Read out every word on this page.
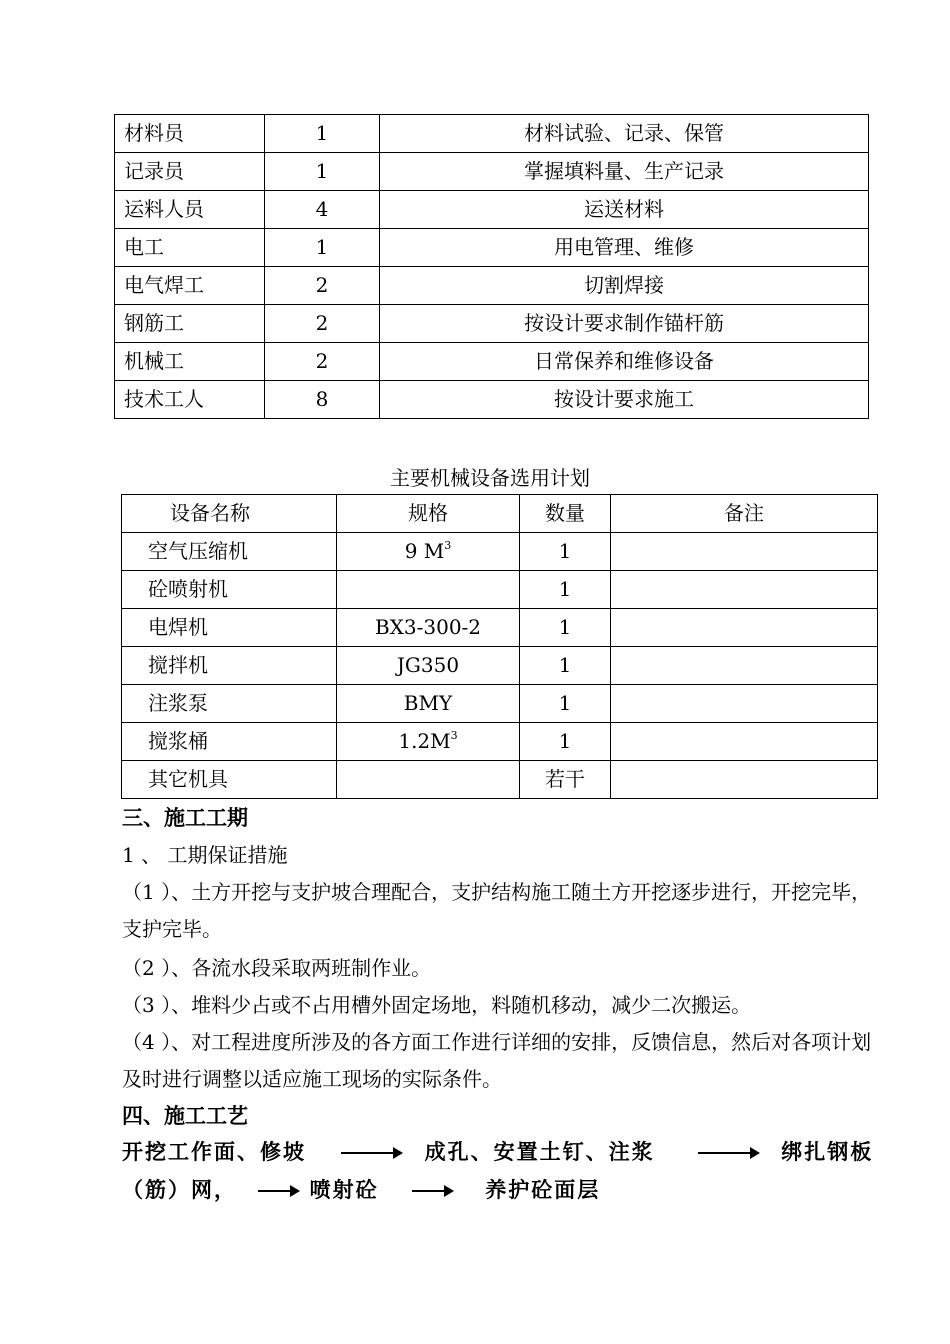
材料员	1	材料试验、记录、保管
记录员	1	掌握填料量、生产记录
运料人员	4	运送材料
电工	1	用电管理、维修
电气焊工	2	切割焊接
钢筋工	2	按设计要求制作锚杆筋
机械工	2	日常保养和维修设备
技术工人	8	按设计要求施工
主要机械设备选用计划
设备名称	规格	数量	备注
空气压缩机	9 $M^3$	1	
砼喷射机		1	
电焊机	BX3-300-2	1	
搅拌机	JG350	1	
注浆泵	BMY	1	
搅浆桶	$1.2M^3$	1	
其它机具		若干	
三、施工工期
1 、 工期保证措施
（1 ）、土方开挖与支护坡合理配合，支护结构施工随土方开挖逐步进行，开挖完毕，支护完毕。
（2 ）、各流水段采取两班制作业。
（3 ）、堆料少占或不占用槽外固定场地，料随机移动，减少二次搬运。
（4 ）、对工程进度所涉及的各方面工作进行详细的安排，反馈信息，然后对各项计划及时进行调整以适应施工现场的实际条件。
四、施工工艺
开挖工作面、修坡	成孔、安置土钉、注浆	绑扎钢板
（筋）网，	喷射砼	养护砼面层
